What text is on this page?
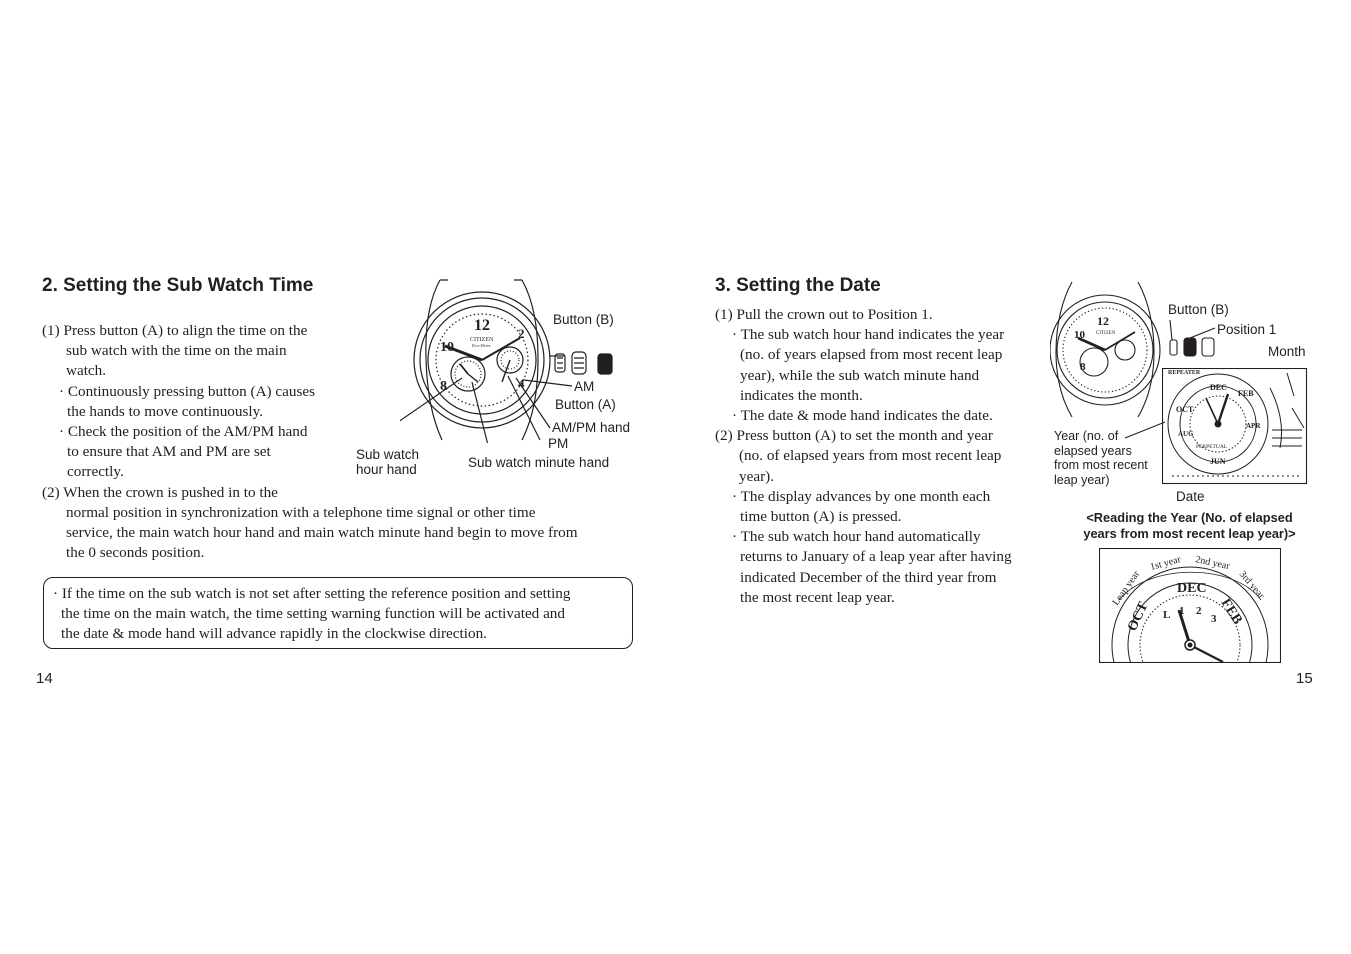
2. Setting the Sub Watch Time

(1) Press button (A) to align the time on the

sub watch with the time on the main

watch.

· Continuously pressing button (A) causes

the hands to move continuously.

· Check the position of the AM/PM hand

to ensure that AM and PM are set

correctly.

(2) When the crown is pushed in to the

normal position in synchronization with a telephone time signal or other time

service, the main watch hour hand and main watch minute hand begin to move from

the 0 seconds position.

· If the time on the sub watch is not set after setting the reference position and setting

the time on the main watch, the time setting warning function will be activated and

the date & mode hand will advance rapidly in the clockwise direction.

14
12
10
8
2
4
CITIZEN
Eco-Drive
Button (B)
AM
Button (A)
AM/PM hand
PM
Sub watch
hour hand	Sub watch minute hand
3. Setting the Date

(1) Pull the crown out to Position 1.

· The sub watch hour hand indicates the year

(no. of years elapsed from most recent leap

year), while the sub watch minute hand

indicates the month.

· The date & mode hand indicates the date.

(2) Press button (A) to set the month and year

(no. of elapsed years from most recent leap

year).

· The display advances by one month each

time button (A) is pressed.

· The sub watch hour hand automatically

returns to January of a leap year after having

indicated December of the third year from

the most recent leap year.

15
12
10
8
CITIZEN
REPEATER
DEC
FEB
OCT
APR
AUG
PERPETUAL
JUN
Button (B)
Position 1
Month
Year (no. of
elapsed years
from most recent
leap year)
Date
<Reading the Year (No. of elapsed
years from most recent leap year)>
Leap year
1st year 2nd year
3rd year
DEC
OCT	FEB
L 1 2
3
